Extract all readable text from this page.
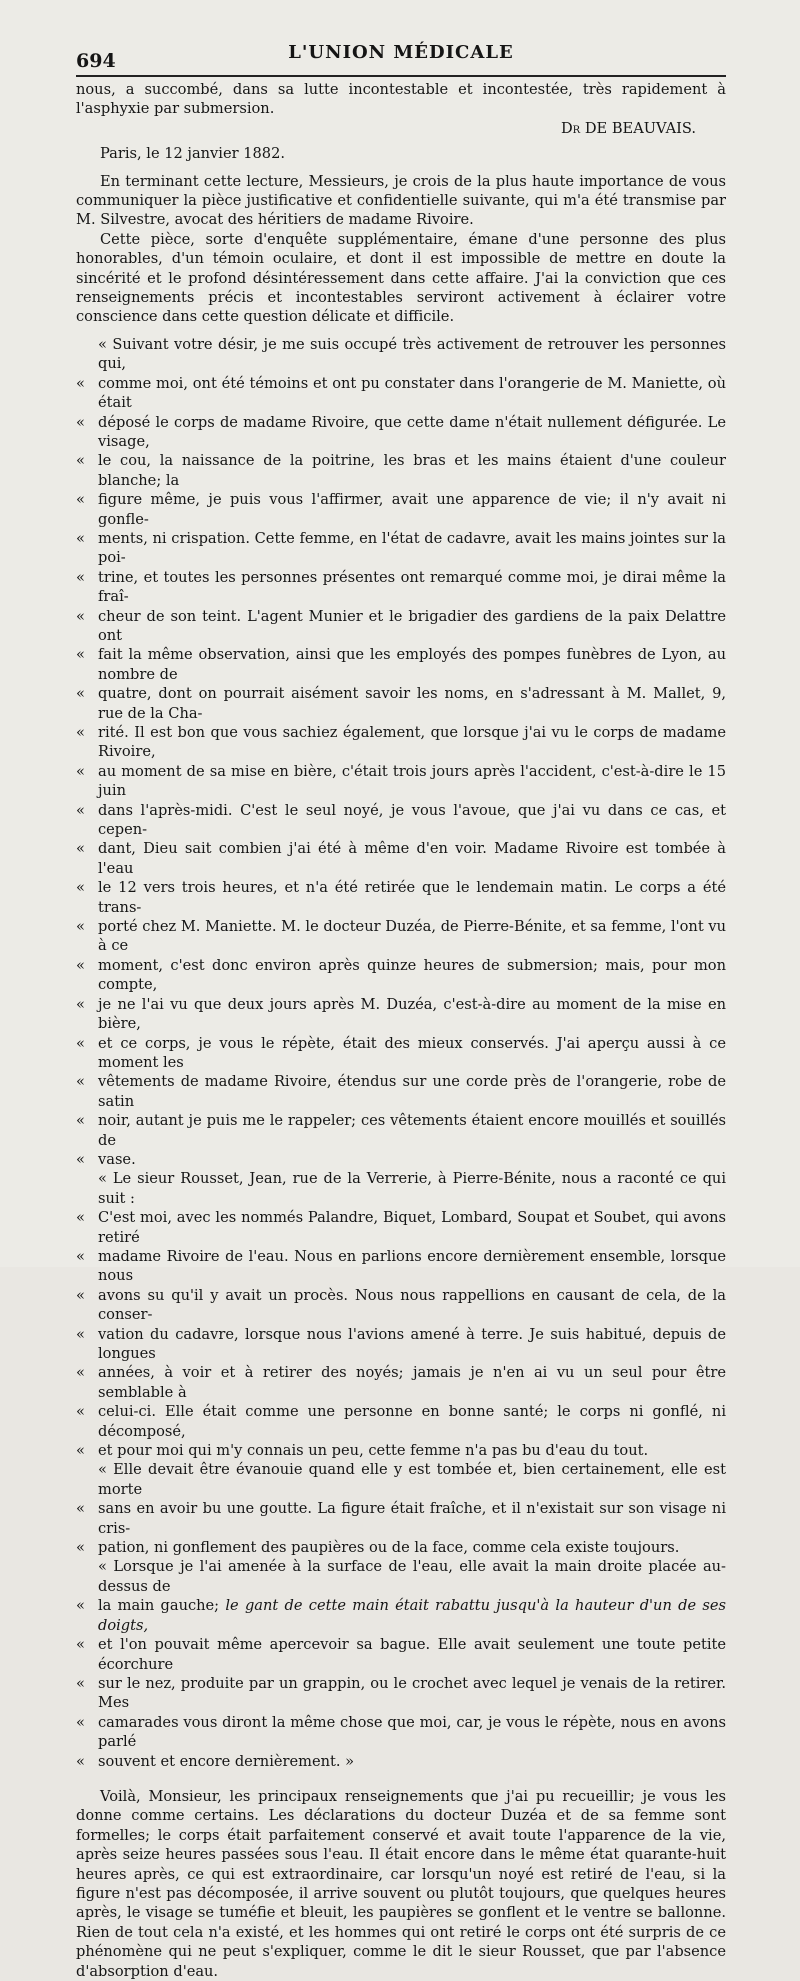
694	L'UNION MÉDICALE

nous, a succombé, dans sa lutte incontestable et incontestée, très rapidement à l'asphyxie par submersion.

Dr DE BEAUVAIS.

Paris, le 12 janvier 1882.

En terminant cette lecture, Messieurs, je crois de la plus haute importance de vous communiquer la pièce justificative et confidentielle suivante, qui m'a été transmise par M. Silvestre, avocat des héritiers de madame Rivoire.

Cette pièce, sorte d'enquête supplémentaire, émane d'une personne des plus honorables, d'un témoin oculaire, et dont il est impossible de mettre en doute la sincérité et le profond désintéressement dans cette affaire. J'ai la conviction que ces renseignements précis et incontestables serviront activement à éclairer votre conscience dans cette question délicate et difficile.

« Suivant votre désir, je me suis occupé très activement de retrouver les personnes qui,
« comme moi, ont été témoins et ont pu constater dans l'orangerie de M. Maniette, où était
« déposé le corps de madame Rivoire, que cette dame n'était nullement défigurée. Le visage,
« le cou, la naissance de la poitrine, les bras et les mains étaient d'une couleur blanche; la
« figure même, je puis vous l'affirmer, avait une apparence de vie; il n'y avait ni gonfle-
« ments, ni crispation. Cette femme, en l'état de cadavre, avait les mains jointes sur la poi-
« trine, et toutes les personnes présentes ont remarqué comme moi, je dirai même la fraî-
« cheur de son teint. L'agent Munier et le brigadier des gardiens de la paix Delattre ont
« fait la même observation, ainsi que les employés des pompes funèbres de Lyon, au nombre de
« quatre, dont on pourrait aisément savoir les noms, en s'adressant à M. Mallet, 9, rue de la Cha-
« rité. Il est bon que vous sachiez également, que lorsque j'ai vu le corps de madame Rivoire,
« au moment de sa mise en bière, c'était trois jours après l'accident, c'est-à-dire le 15 juin
« dans l'après-midi. C'est le seul noyé, je vous l'avoue, que j'ai vu dans ce cas, et cepen-
« dant, Dieu sait combien j'ai été à même d'en voir. Madame Rivoire est tombée à l'eau
« le 12 vers trois heures, et n'a été retirée que le lendemain matin. Le corps a été trans-
« porté chez M. Maniette. M. le docteur Duzéa, de Pierre-Bénite, et sa femme, l'ont vu à ce
« moment, c'est donc environ après quinze heures de submersion; mais, pour mon compte,
« je ne l'ai vu que deux jours après M. Duzéa, c'est-à-dire au moment de la mise en bière,
« et ce corps, je vous le répète, était des mieux conservés. J'ai aperçu aussi à ce moment les
« vêtements de madame Rivoire, étendus sur une corde près de l'orangerie, robe de satin
« noir, autant je puis me le rappeler; ces vêtements étaient encore mouillés et souillés de
« vase.
« Le sieur Rousset, Jean, rue de la Verrerie, à Pierre-Bénite, nous a raconté ce qui suit :
« C'est moi, avec les nommés Palandre, Biquet, Lombard, Soupat et Soubet, qui avons retiré
« madame Rivoire de l'eau. Nous en parlions encore dernièrement ensemble, lorsque nous
« avons su qu'il y avait un procès. Nous nous rappellions en causant de cela, de la conser-
« vation du cadavre, lorsque nous l'avions amené à terre. Je suis habitué, depuis de longues
« années, à voir et à retirer des noyés; jamais je n'en ai vu un seul pour être semblable à
« celui-ci. Elle était comme une personne en bonne santé; le corps ni gonflé, ni décomposé,
« et pour moi qui m'y connais un peu, cette femme n'a pas bu d'eau du tout.
« Elle devait être évanouie quand elle y est tombée et, bien certainement, elle est morte
« sans en avoir bu une goutte. La figure était fraîche, et il n'existait sur son visage ni cris-
« pation, ni gonflement des paupières ou de la face, comme cela existe toujours.
« Lorsque je l'ai amenée à la surface de l'eau, elle avait la main droite placée au-dessus de
« la main gauche; le gant de cette main était rabattu jusqu'à la hauteur d'un de ses doigts,
« et l'on pouvait même apercevoir sa bague. Elle avait seulement une toute petite écorchure
« sur le nez, produite par un grappin, ou le crochet avec lequel je venais de la retirer. Mes
« camarades vous diront la même chose que moi, car, je vous le répète, nous en avons parlé
« souvent et encore dernièrement. »

Voilà, Monsieur, les principaux renseignements que j'ai pu recueillir; je vous les donne comme certains. Les déclarations du docteur Duzéa et de sa femme sont formelles; le corps était parfaitement conservé et avait toute l'apparence de la vie, après seize heures passées sous l'eau. Il était encore dans le même état quarante-huit heures après, ce qui est extraordinaire, car lorsqu'un noyé est retiré de l'eau, si la figure n'est pas décomposée, il arrive souvent ou plutôt toujours, que quelques heures après, le visage se tuméfie et bleuit, les paupières se gonflent et le ventre se ballonne. Rien de tout cela n'a existé, et les hommes qui ont retiré le corps ont été surpris de ce phénomène qui ne peut s'expliquer, comme le dit le sieur Rousset, que par l'absence d'absorption d'eau.
